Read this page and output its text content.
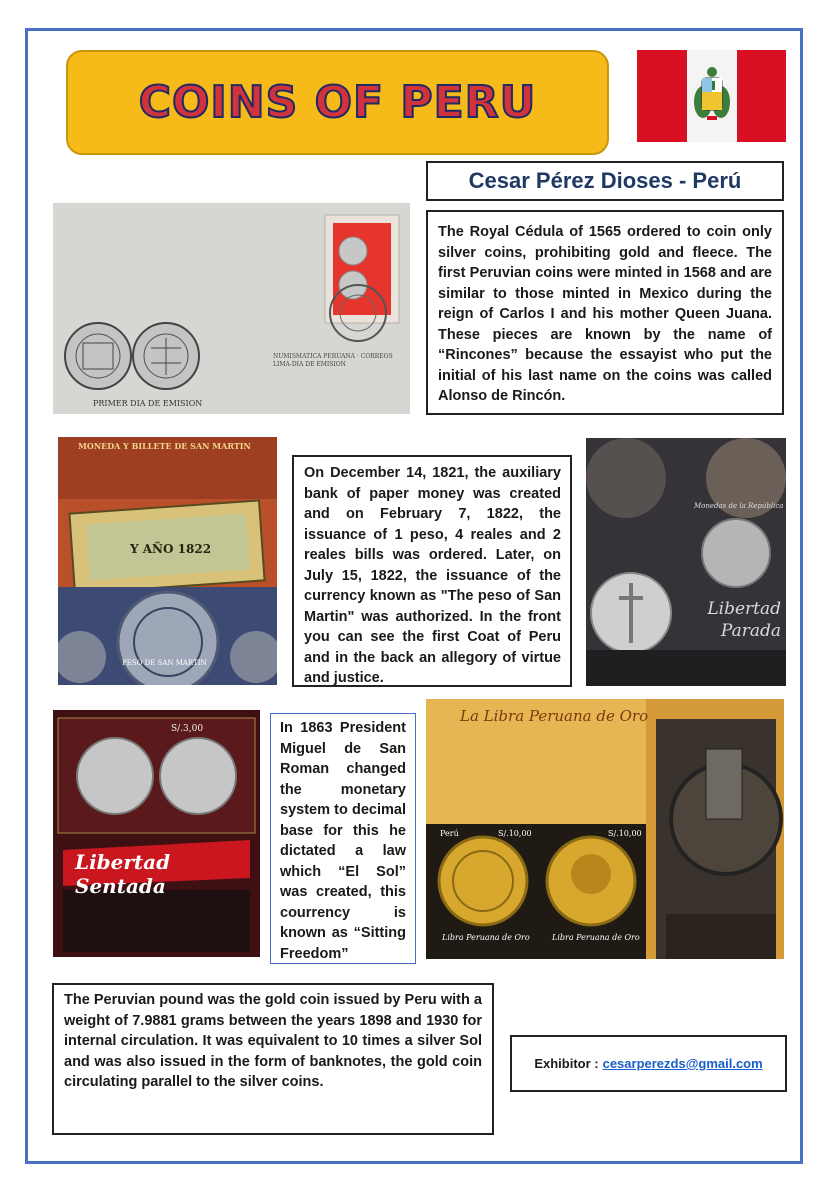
COINS OF PERU
Cesar Pérez Dioses - Perú
PRIMER DIA DE EMISION
NUMISMATICA PERUANA · CORREOS LIMA-DIA DE EMISION

The Royal Cédula of 1565 ordered to coin only silver coins, prohibiting gold and fleece. The first Peruvian coins were minted in 1568 and are similar to those minted in Mexico during the reign of Carlos I and his mother Queen Juana. These pieces are known by the name of “Rincones” because the essayist who put the initial of his last name on the coins was called Alonso de Rincón.

MONEDA Y BILLETE DE SAN MARTIN
Y AÑO 1822
PESO DE SAN MARTIN

On December 14, 1821, the auxiliary bank of paper money was created and on February 7, 1822, the issuance of 1 peso, 4 reales and 2 reales bills was ordered. Later, on July 15, 1822, the issuance of the currency known as "The peso of San Martin" was authorized. In the front you can see the first Coat of Peru and in the back an allegory of virtue and justice.

Monedas de la República
Libertad Parada
S/.3,00
Libertad Sentada

In 1863 President Miguel de San Roman changed the monetary system to decimal base for this he dictated a law which “El Sol” was created, this courrency is known as “Sitting Freedom”

La Libra Peruana de Oro
Perú	S/.10,00	S/.10,00
Libra Peruana de Oro	Libra Peruana de Oro

The Peruvian pound was the gold coin issued by Peru with a weight of 7.9881 grams between the years 1898 and 1930 for internal circulation. It was equivalent to 10 times a silver Sol and was also issued in the form of banknotes, the gold coin circulating parallel to the silver coins.

Exhibitor : cesarperezds@gmail.com
